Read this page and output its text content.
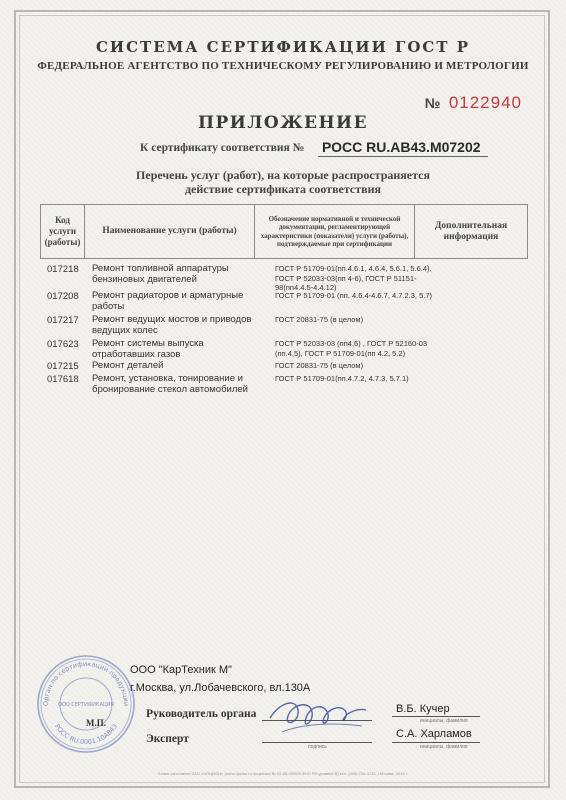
СИСТЕМА СЕРТИФИКАЦИИ ГОСТ Р
ФЕДЕРАЛЬНОЕ АГЕНТСТВО ПО ТЕХНИЧЕСКОМУ РЕГУЛИРОВАНИЮ И МЕТРОЛОГИИ
№ 0122940
ПРИЛОЖЕНИЕ
К сертификату соответствия № РОСС RU.АВ43.М07202
Перечень услуг (работ), на которые распространяется
действие сертификата соответствия
Код услуги (работы)
Наименование услуги (работы)
Обозначение нормативной и технической документации, регламентирующей характеристики (показатели) услуги (работы), подтверждаемые при сертификации
Дополнительная информация
017218 Ремонт топливной аппаратуры бензиновых двигателей
ГОСТ Р 51709-01(пп.4.6.1, 4.6.4, 5.6.1, 5.6.4), ГОСТ Р 52033-03(пп 4-6), ГОСТ Р 51151-98(пп4.4.5-4.4.12)
017208 Ремонт радиаторов и арматурные работы
ГОСТ Р 51709-01 (пп. 4.6.4-4.6.7, 4.7.2.3, 5.7)
017217 Ремонт ведущих мостов и приводов ведущих колес
ГОСТ 20831-75 (в целом)
017623 Ремонт системы выпуска отработавших газов
ГОСТ Р 52033-03 (пп4,6) , ГОСТ Р 52160-03 (пп.4,5), ГОСТ Р 51709-01(пп 4.2, 5.2)
017215 Ремонт деталей	ГОСТ 20831-75 (в целом)
017618 Ремонт, установка, тонирование и бронирование стекол автомобилей
ГОСТ Р 51709-01(пп.4.7.2, 4.7.3, 5.7.1)
Орган по сертификации продукции
РОСС RU.0001.10АВ43
ООО СЕРТИФИКАЦИЯ
ООО "КарТехник М"
г.Москва, ул.Лобачевского, вл.130А
М.П.
Руководитель органа
Эксперт
подпись
В.Б. Кучер
инициалы, фамилия
С.А. Харламов
инициалы, фамилия
Бланк изготовлен ЗАО «ОПЦИОН» (www.opcion.ru лицензия № 05-05-09/003 ФНС РФ уровень В) тел. (495) 726-4742, г.Москва, 2014 г.
